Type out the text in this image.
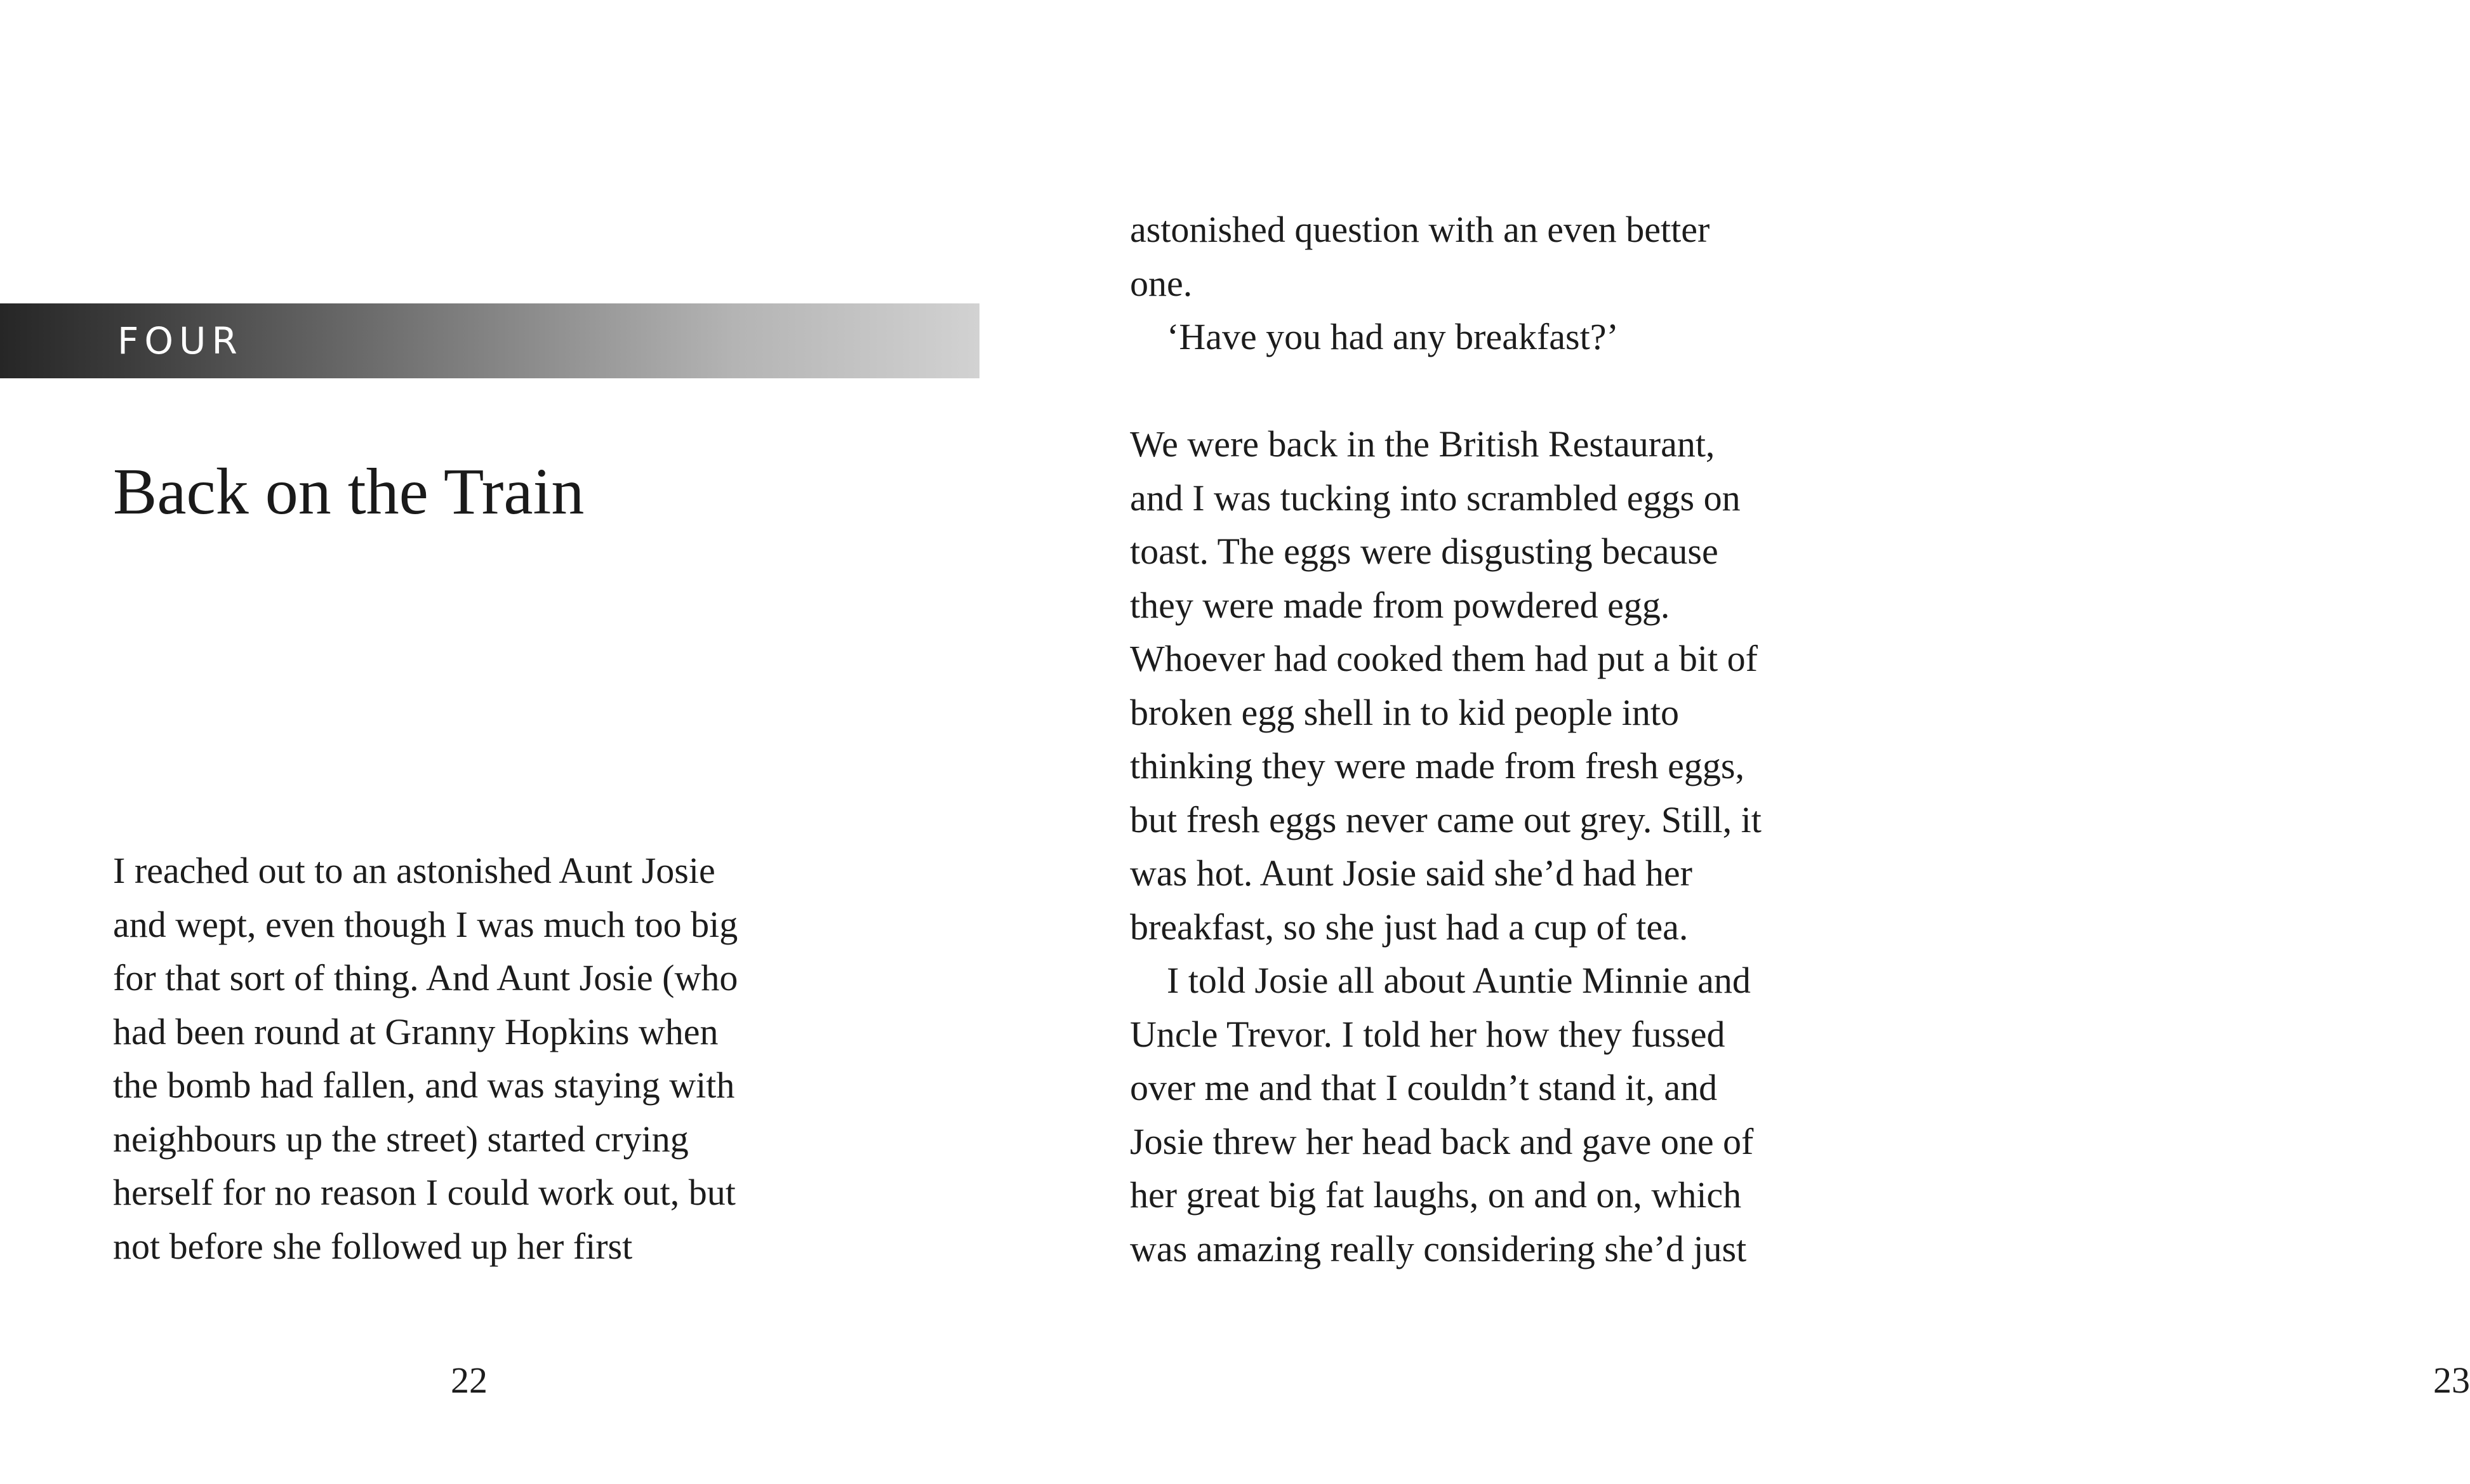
FOUR
Back on the Train
I reached out to an astonished Aunt Josie
and wept, even though I was much too big
for that sort of thing. And Aunt Josie (who
had been round at Granny Hopkins when
the bomb had fallen, and was staying with
neighbours up the street) started crying
herself for no reason I could work out, but
not before she followed up her first
22	23
astonished question with an even better
one.
‘Have you had any breakfast?’
We were back in the British Restaurant,
and I was tucking into scrambled eggs on
toast. The eggs were disgusting because
they were made from powdered egg.
Whoever had cooked them had put a bit of
broken egg shell in to kid people into
thinking they were made from fresh eggs,
but fresh eggs never came out grey. Still, it
was hot. Aunt Josie said she’d had her
breakfast, so she just had a cup of tea.
I told Josie all about Auntie Minnie and
Uncle Trevor. I told her how they fussed
over me and that I couldn’t stand it, and
Josie threw her head back and gave one of
her great big fat laughs, on and on, which
was amazing really considering she’d just
